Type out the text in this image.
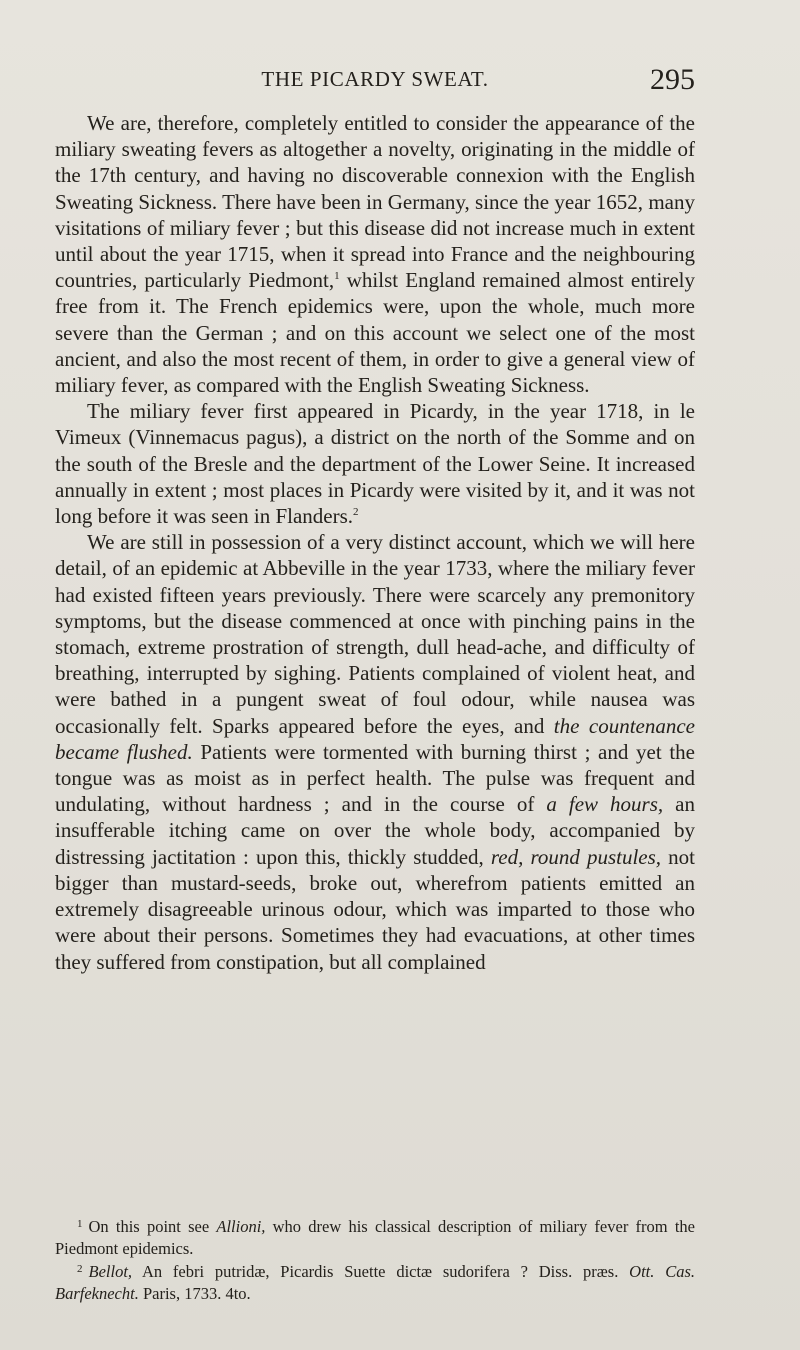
THE PICARDY SWEAT.	295

We are, therefore, completely entitled to consider the appearance of the miliary sweating fevers as altogether a novelty, originating in the middle of the 17th century, and having no discoverable connexion with the English Sweating Sickness. There have been in Germany, since the year 1652, many visitations of miliary fever ; but this disease did not increase much in extent until about the year 1715, when it spread into France and the neighbouring countries, particularly Piedmont,$^1$ whilst England remained almost entirely free from it. The French epidemics were, upon the whole, much more severe than the German ; and on this account we select one of the most ancient, and also the most recent of them, in order to give a general view of miliary fever, as compared with the English Sweating Sickness.

The miliary fever first appeared in Picardy, in the year 1718, in le Vimeux (Vinnemacus pagus), a district on the north of the Somme and on the south of the Bresle and the department of the Lower Seine. It increased annually in extent ; most places in Picardy were visited by it, and it was not long before it was seen in Flanders.$^2$

We are still in possession of a very distinct account, which we will here detail, of an epidemic at Abbeville in the year 1733, where the miliary fever had existed fifteen years previously. There were scarcely any premonitory symptoms, but the disease commenced at once with pinching pains in the stomach, extreme prostration of strength, dull head-ache, and difficulty of breathing, interrupted by sighing. Patients complained of violent heat, and were bathed in a pungent sweat of foul odour, while nausea was occasionally felt. Sparks appeared before the eyes, and the countenance became flushed. Patients were tormented with burning thirst ; and yet the tongue was as moist as in perfect health. The pulse was frequent and undulating, without hardness ; and in the course of a few hours, an insufferable itching came on over the whole body, accompanied by distressing jactitation : upon this, thickly studded, red, round pustules, not bigger than mustard-seeds, broke out, wherefrom patients emitted an extremely disagreeable urinous odour, which was imparted to those who were about their persons. Sometimes they had evacuations, at other times they suffered from constipation, but all complained

$^1$ On this point see Allioni, who drew his classical description of miliary fever from the Piedmont epidemics.

$^2$ Bellot, An febri putridæ, Picardis Suette dictæ sudorifera ? Diss. præs. Ott. Cas. Barfeknecht. Paris, 1733. 4to.
